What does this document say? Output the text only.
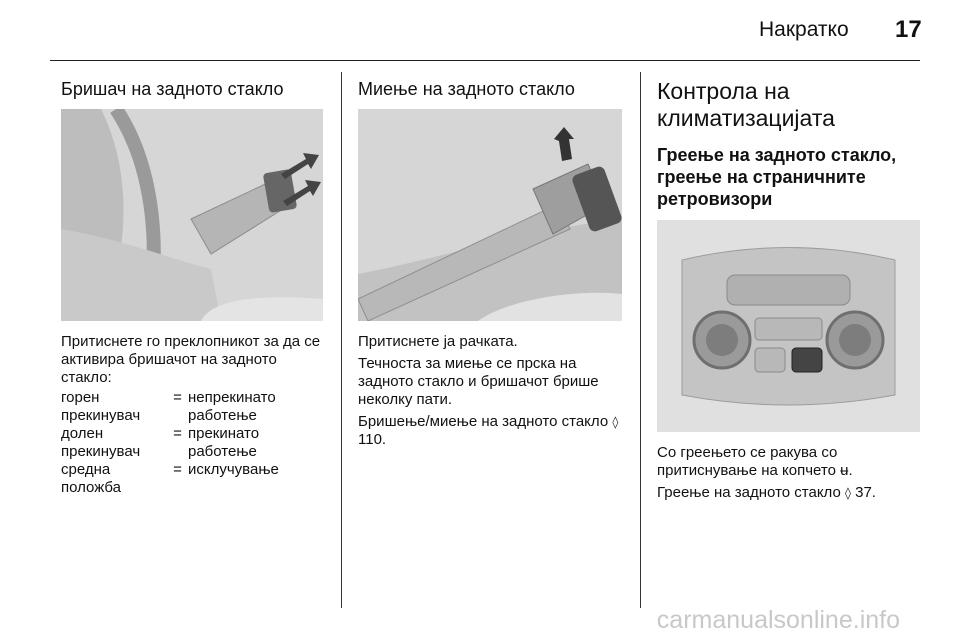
Накратко 17
Бришач на задното стакло

Притиснете го преклопникот за да се активира бришачот на задното стакло:

горен прекинувач	=	непрекинато работење
долен прекинувач	=	прекинато работење
средна положба	=	исклучување
Миење на задното стакло

Притиснете ја рачката.

Течноста за миење се прска на задното стакло и бришачот брише неколку пати.

Бришење/миење на задното стакло ◊ 110.

Контрола на климатизацијата
Греење на задното стакло, греење на страничните ретровизори

Со греењето се ракува со притиснување на копчето ʉ.

Греење на задното стакло ◊ 37.

carmanualsonline.info
